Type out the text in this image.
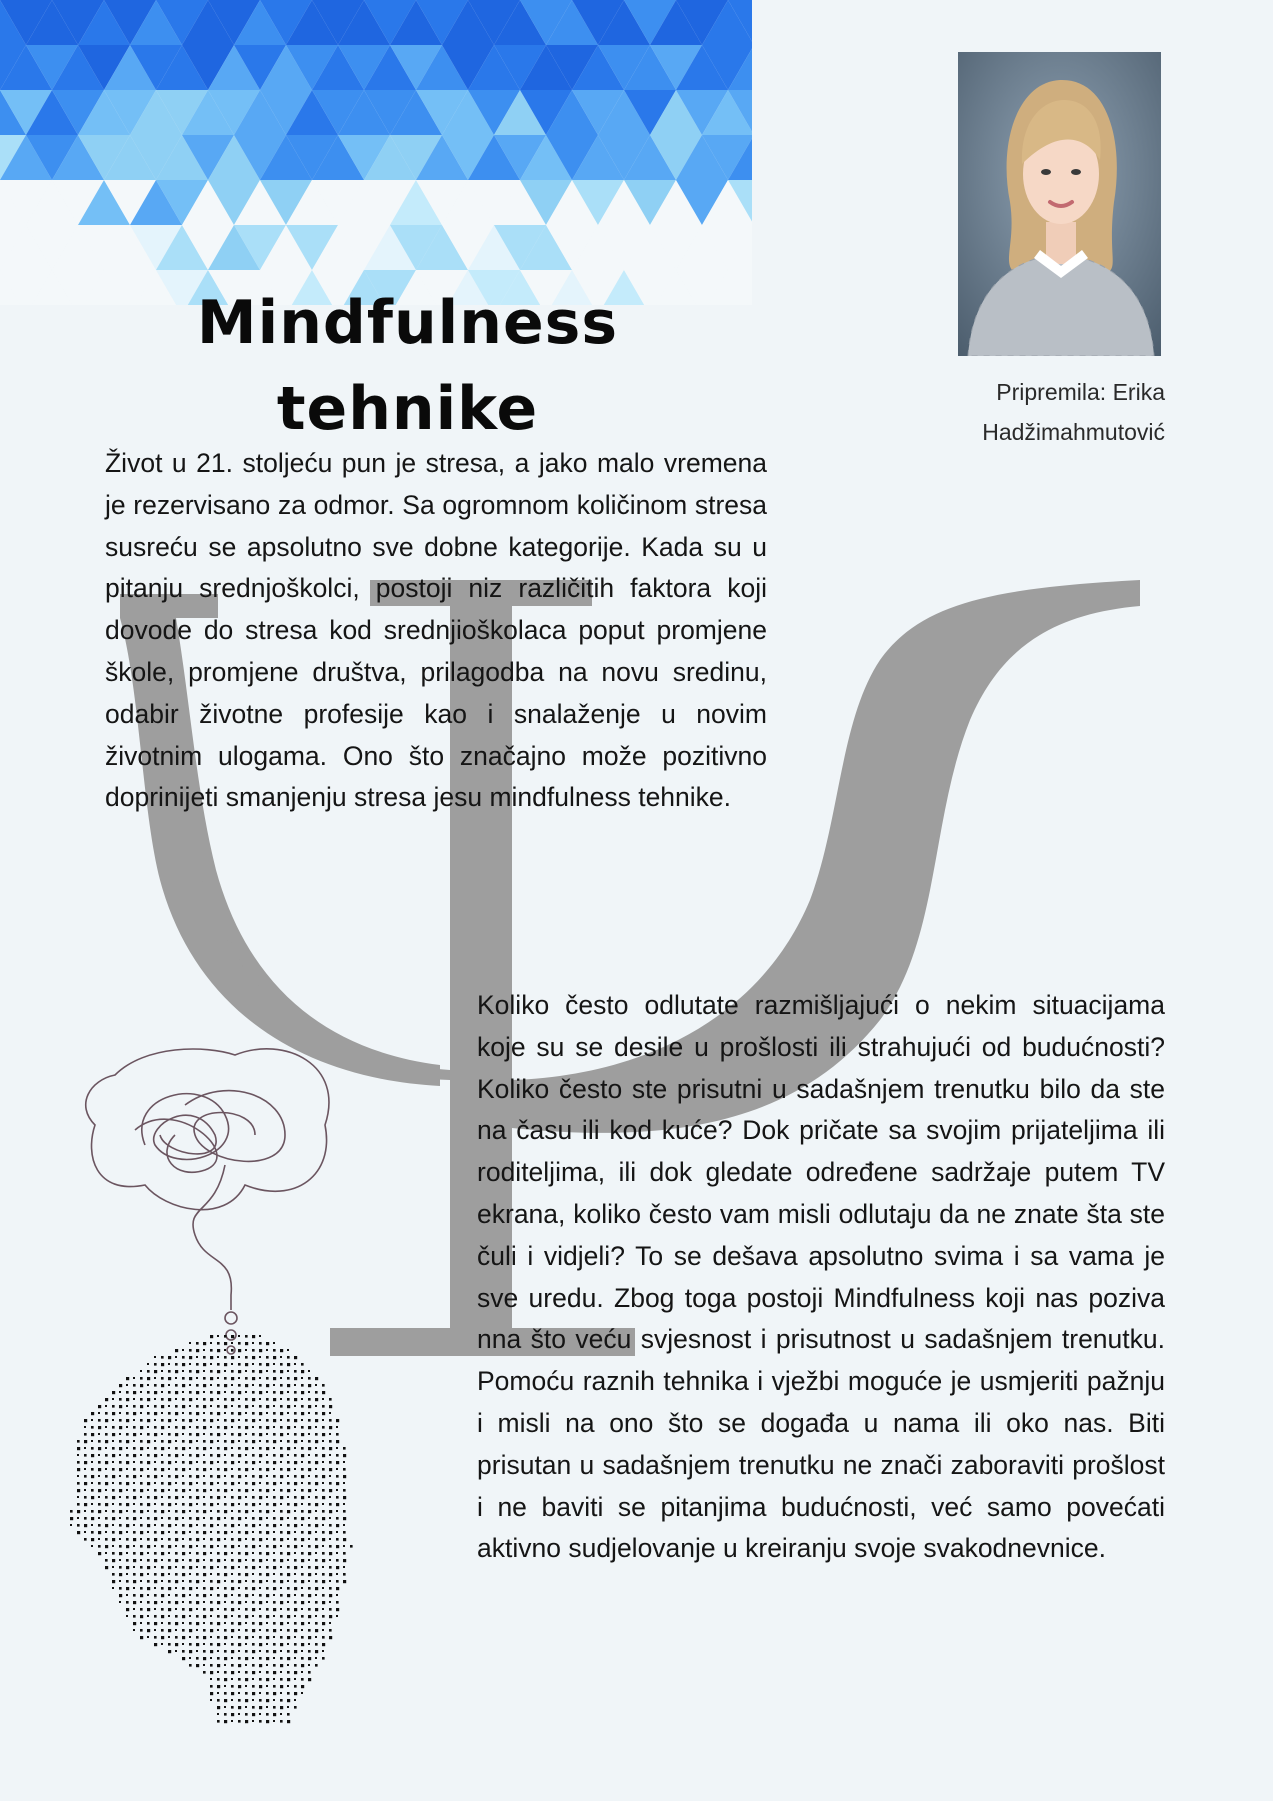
Mindfulness
tehnike	Pripremila: Erika
Hadžimahmutović

Život u 21. stoljeću pun je stresa, a jako malo vremena je rezervisano za odmor. Sa ogromnom količinom stresa susreću se apsolutno sve dobne kategorije. Kada su u pitanju srednjoškolci, postoji niz različitih faktora koji dovode do stresa kod srednjioškolaca poput promjene škole, promjene društva, prilagodba na novu sredinu, odabir životne profesije kao i snalaženje u novim životnim ulogama. Ono što značajno može pozitivno doprinijeti smanjenju stresa jesu mindfulness tehnike.

Koliko često odlutate razmišljajući o nekim situacijama koje su se desile u prošlosti ili strahujući od budućnosti? Koliko često ste prisutni u sadašnjem trenutku bilo da ste na času ili kod kuće? Dok pričate sa svojim prijateljima ili roditeljima, ili dok gledate određene sadržaje putem TV ekrana, koliko često vam misli odlutaju da ne znate šta ste čuli i vidjeli? To se dešava apsolutno svima i sa vama je sve uredu. Zbog toga postoji Mindfulness koji nas poziva nna što veću svjesnost i prisutnost u sadašnjem trenutku. Pomoću raznih tehnika i vježbi moguće je usmjeriti pažnju i misli na ono što se događa u nama ili oko nas. Biti prisutan u sadašnjem trenutku ne znači zaboraviti prošlost i ne baviti se pitanjima budućnosti, već samo povećati aktivno sudjelovanje u kreiranju svoje svakodnevnice.
